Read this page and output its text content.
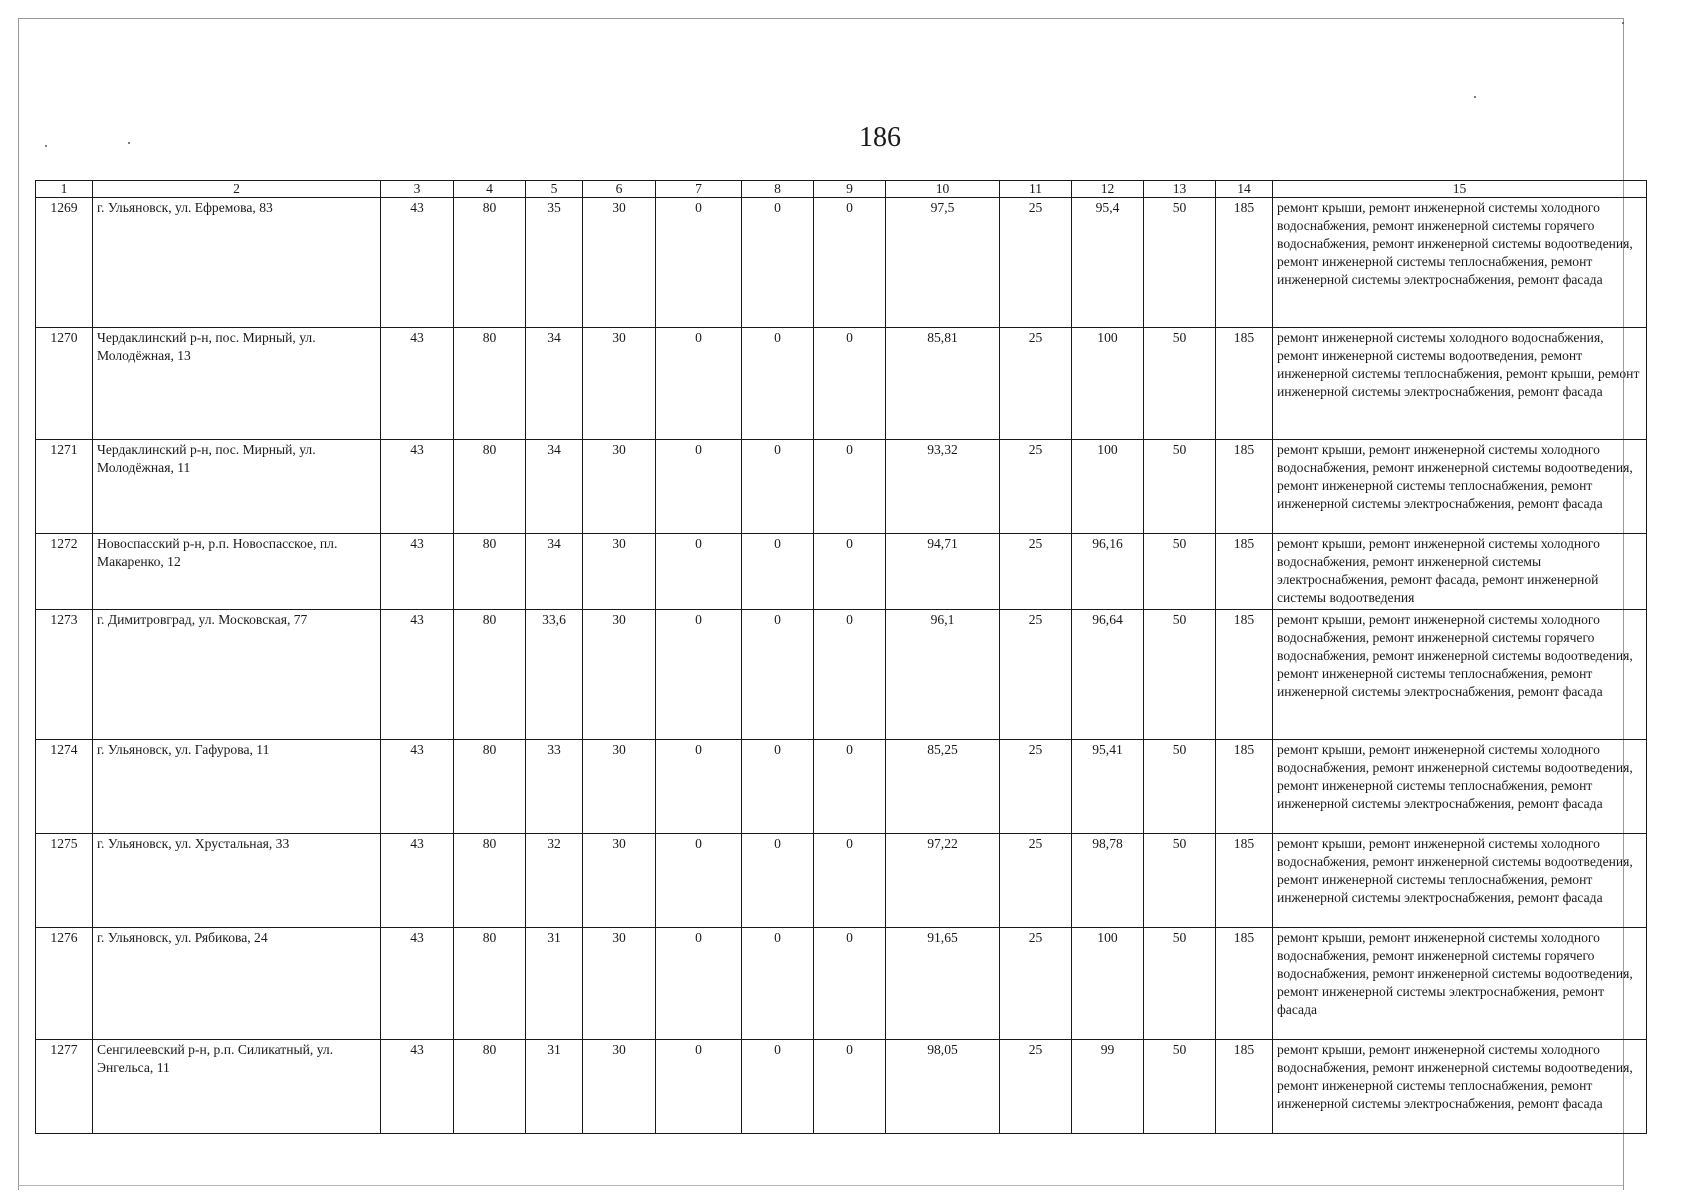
186
1	2	3	4	5	6	7	8	9	10	11	12	13	14	15
1269	г. Ульяновск, ул. Ефремова, 83	43	80	35	30	0	0	0	97,5	25	95,4	50	185	ремонт крыши, ремонт инженерной системы холодного водоснабжения, ремонт инженерной системы горячего водоснабжения, ремонт инженерной системы водоотведения, ремонт инженерной системы теплоснабжения, ремонт инженерной системы электроснабжения, ремонт фасада
1270	Чердаклинский р-н, пос. Мирный, ул. Молодёжная, 13	43	80	34	30	0	0	0	85,81	25	100	50	185	ремонт инженерной системы холодного водоснабжения, ремонт инженерной системы водоотведения, ремонт инженерной системы теплоснабжения, ремонт крыши, ремонт инженерной системы электроснабжения, ремонт фасада
1271	Чердаклинский р-н, пос. Мирный, ул. Молодёжная, 11	43	80	34	30	0	0	0	93,32	25	100	50	185	ремонт крыши, ремонт инженерной системы холодного водоснабжения, ремонт инженерной системы водоотведения, ремонт инженерной системы теплоснабжения, ремонт инженерной системы электроснабжения, ремонт фасада
1272	Новоспасский р-н, р.п. Новоспасское, пл. Макаренко, 12	43	80	34	30	0	0	0	94,71	25	96,16	50	185	ремонт крыши, ремонт инженерной системы холодного водоснабжения, ремонт инженерной системы электроснабжения, ремонт фасада, ремонт инженерной системы водоотведения
1273	г. Димитровград, ул. Московская, 77	43	80	33,6	30	0	0	0	96,1	25	96,64	50	185	ремонт крыши, ремонт инженерной системы холодного водоснабжения, ремонт инженерной системы горячего водоснабжения, ремонт инженерной системы водоотведения, ремонт инженерной системы теплоснабжения, ремонт инженерной системы электроснабжения, ремонт фасада
1274	г. Ульяновск, ул. Гафурова, 11	43	80	33	30	0	0	0	85,25	25	95,41	50	185	ремонт крыши, ремонт инженерной системы холодного водоснабжения, ремонт инженерной системы водоотведения, ремонт инженерной системы теплоснабжения, ремонт инженерной системы электроснабжения, ремонт фасада
1275	г. Ульяновск, ул. Хрустальная, 33	43	80	32	30	0	0	0	97,22	25	98,78	50	185	ремонт крыши, ремонт инженерной системы холодного водоснабжения, ремонт инженерной системы водоотведения, ремонт инженерной системы теплоснабжения, ремонт инженерной системы электроснабжения, ремонт фасада
1276	г. Ульяновск, ул. Рябикова, 24	43	80	31	30	0	0	0	91,65	25	100	50	185	ремонт крыши, ремонт инженерной системы холодного водоснабжения, ремонт инженерной системы горячего водоснабжения, ремонт инженерной системы водоотведения, ремонт инженерной системы электроснабжения, ремонт фасада
1277	Сенгилеевский р-н, р.п. Силикатный, ул. Энгельса, 11	43	80	31	30	0	0	0	98,05	25	99	50	185	ремонт крыши, ремонт инженерной системы холодного водоснабжения, ремонт инженерной системы водоотведения, ремонт инженерной системы теплоснабжения, ремонт инженерной системы электроснабжения, ремонт фасада
